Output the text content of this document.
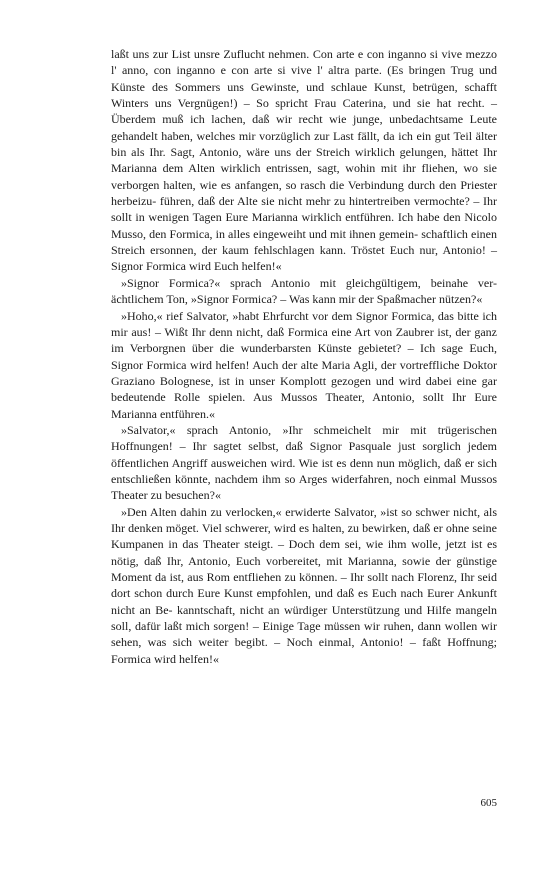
laßt uns zur List unsre Zuflucht nehmen. Con arte e con inganno si vive mezzo l' anno, con inganno e con arte si vive l' altra parte. (Es bringen Trug und Künste des Sommers uns Gewinste, und schlaue Kunst, betrügen, schafft Winters uns Vergnügen!) – So spricht Frau Caterina, und sie hat recht. – Überdem muß ich lachen, daß wir recht wie junge, unbedachtsame Leute gehandelt haben, welches mir vorzüglich zur Last fällt, da ich ein gut Teil älter bin als Ihr. Sagt, Antonio, wäre uns der Streich wirklich gelungen, hättet Ihr Marianna dem Alten wirklich entrissen, sagt, wohin mit ihr fliehen, wo sie verborgen halten, wie es anfangen, so rasch die Verbindung durch den Priester herbeizu- führen, daß der Alte sie nicht mehr zu hintertreiben vermochte? – Ihr sollt in wenigen Tagen Eure Marianna wirklich entführen. Ich habe den Nicolo Musso, den Formica, in alles eingeweiht und mit ihnen gemein- schaftlich einen Streich ersonnen, der kaum fehlschlagen kann. Tröstet Euch nur, Antonio! – Signor Formica wird Euch helfen!«

»Signor Formica?« sprach Antonio mit gleichgültigem, beinahe ver- ächtlichem Ton, »Signor Formica? – Was kann mir der Spaßmacher nützen?«

»Hoho,« rief Salvator, »habt Ehrfurcht vor dem Signor Formica, das bitte ich mir aus! – Wißt Ihr denn nicht, daß Formica eine Art von Zaubrer ist, der ganz im Verborgnen über die wunderbarsten Künste gebietet? – Ich sage Euch, Signor Formica wird helfen! Auch der alte Maria Agli, der vortreffliche Doktor Graziano Bolognese, ist in unser Komplott gezogen und wird dabei eine gar bedeutende Rolle spielen. Aus Mussos Theater, Antonio, sollt Ihr Eure Marianna entführen.«

»Salvator,« sprach Antonio, »Ihr schmeichelt mir mit trügerischen Hoffnungen! – Ihr sagtet selbst, daß Signor Pasquale just sorglich jedem öffentlichen Angriff ausweichen wird. Wie ist es denn nun möglich, daß er sich entschließen könnte, nachdem ihm so Arges widerfahren, noch einmal Mussos Theater zu besuchen?«

»Den Alten dahin zu verlocken,« erwiderte Salvator, »ist so schwer nicht, als Ihr denken möget. Viel schwerer, wird es halten, zu bewirken, daß er ohne seine Kumpanen in das Theater steigt. – Doch dem sei, wie ihm wolle, jetzt ist es nötig, daß Ihr, Antonio, Euch vorbereitet, mit Marianna, sowie der günstige Moment da ist, aus Rom entfliehen zu können. – Ihr sollt nach Florenz, Ihr seid dort schon durch Eure Kunst empfohlen, und daß es Euch nach Eurer Ankunft nicht an Be- kanntschaft, nicht an würdiger Unterstützung und Hilfe mangeln soll, dafür laßt mich sorgen! – Einige Tage müssen wir ruhen, dann wollen wir sehen, was sich weiter begibt. – Noch einmal, Antonio! – faßt Hoffnung; Formica wird helfen!«

605
